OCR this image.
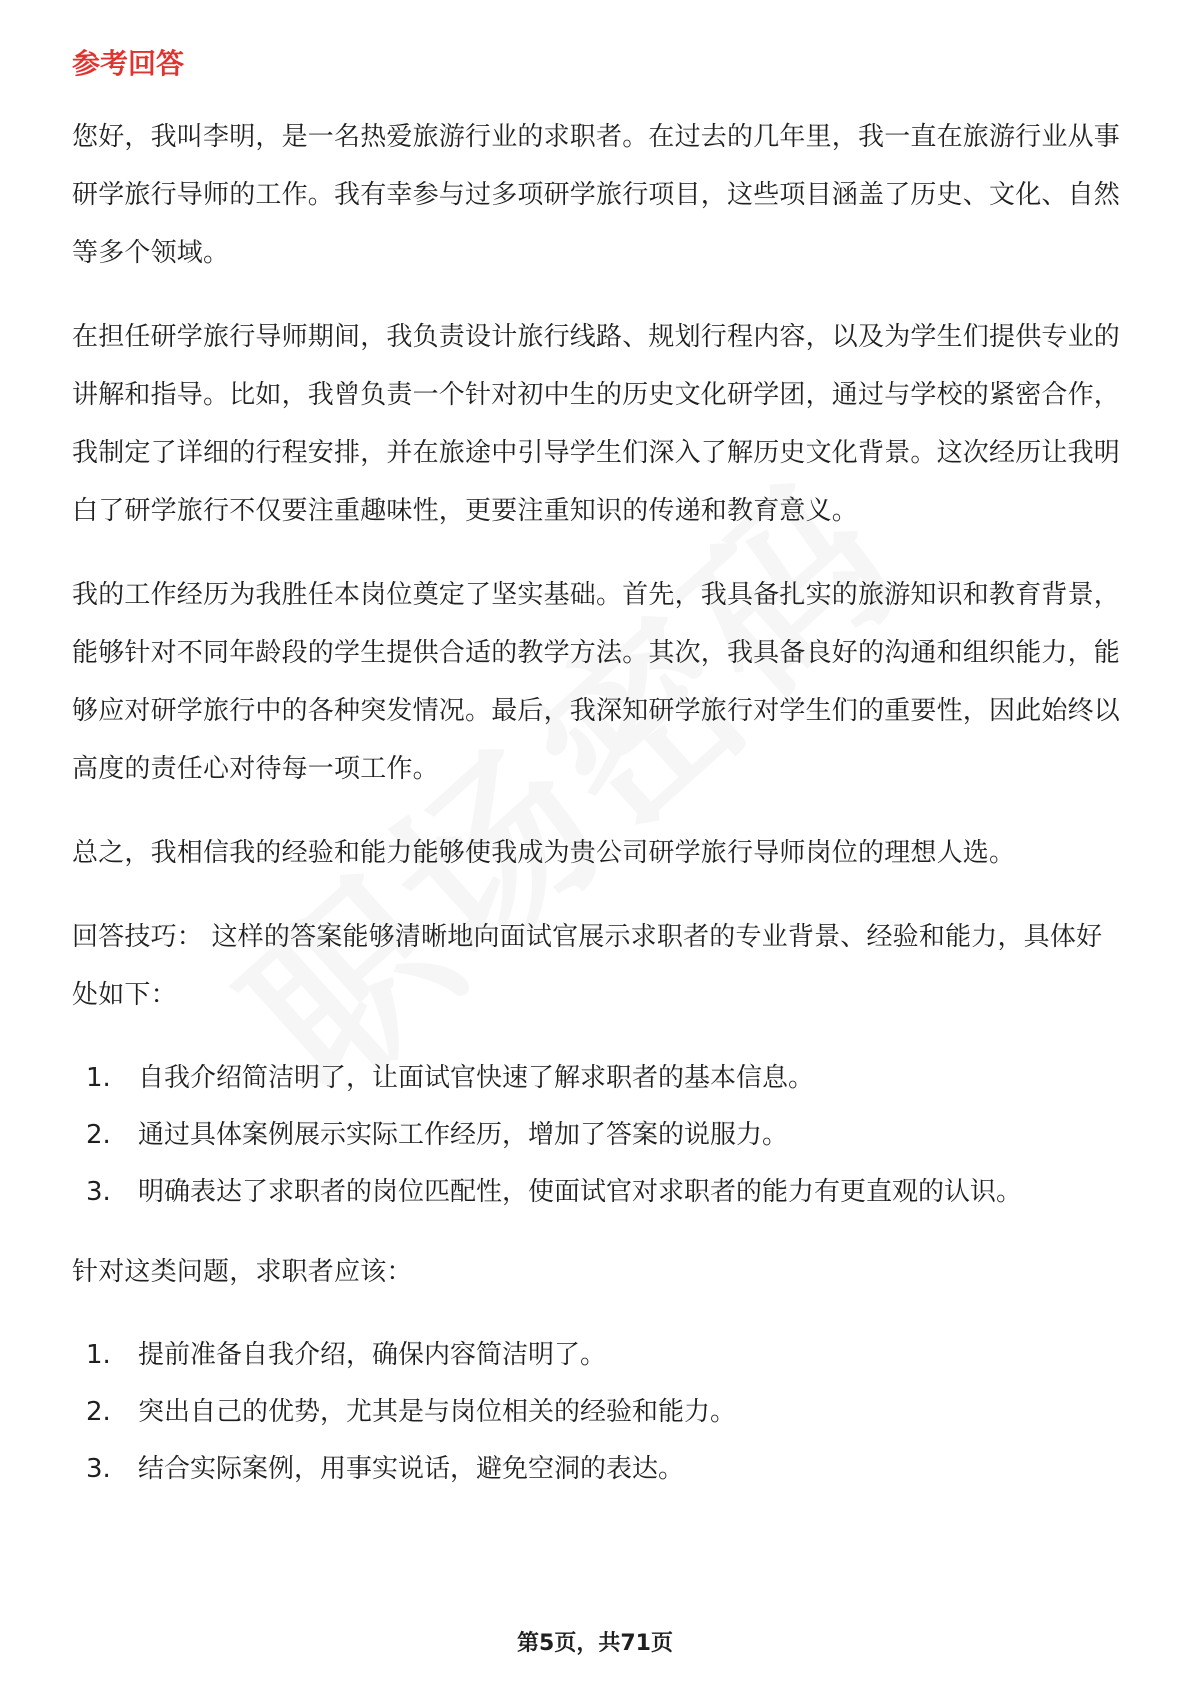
参考回答

您好，我叫李明，是一名热爱旅游行业的求职者。在过去的几年里，我一直在旅游行业从事研学旅行导师的工作。我有幸参与过多项研学旅行项目，这些项目涵盖了历史、文化、自然等多个领域。

在担任研学旅行导师期间，我负责设计旅行线路、规划行程内容，以及为学生们提供专业的讲解和指导。比如，我曾负责一个针对初中生的历史文化研学团，通过与学校的紧密合作，我制定了详细的行程安排，并在旅途中引导学生们深入了解历史文化背景。这次经历让我明白了研学旅行不仅要注重趣味性，更要注重知识的传递和教育意义。

我的工作经历为我胜任本岗位奠定了坚实基础。首先，我具备扎实的旅游知识和教育背景，能够针对不同年龄段的学生提供合适的教学方法。其次，我具备良好的沟通和组织能力，能够应对研学旅行中的各种突发情况。最后，我深知研学旅行对学生们的重要性，因此始终以高度的责任心对待每一项工作。

总之，我相信我的经验和能力能够使我成为贵公司研学旅行导师岗位的理想人选。

回答技巧： 这样的答案能够清晰地向面试官展示求职者的专业背景、经验和能力，具体好处如下：

1.	自我介绍简洁明了，让面试官快速了解求职者的基本信息。
2.	通过具体案例展示实际工作经历，增加了答案的说服力。
3.	明确表达了求职者的岗位匹配性，使面试官对求职者的能力有更直观的认识。

针对这类问题，求职者应该：

1.	提前准备自我介绍，确保内容简洁明了。
2.	突出自己的优势，尤其是与岗位相关的经验和能力。
3.	结合实际案例，用事实说话，避免空洞的表达。
第5页，共71页
